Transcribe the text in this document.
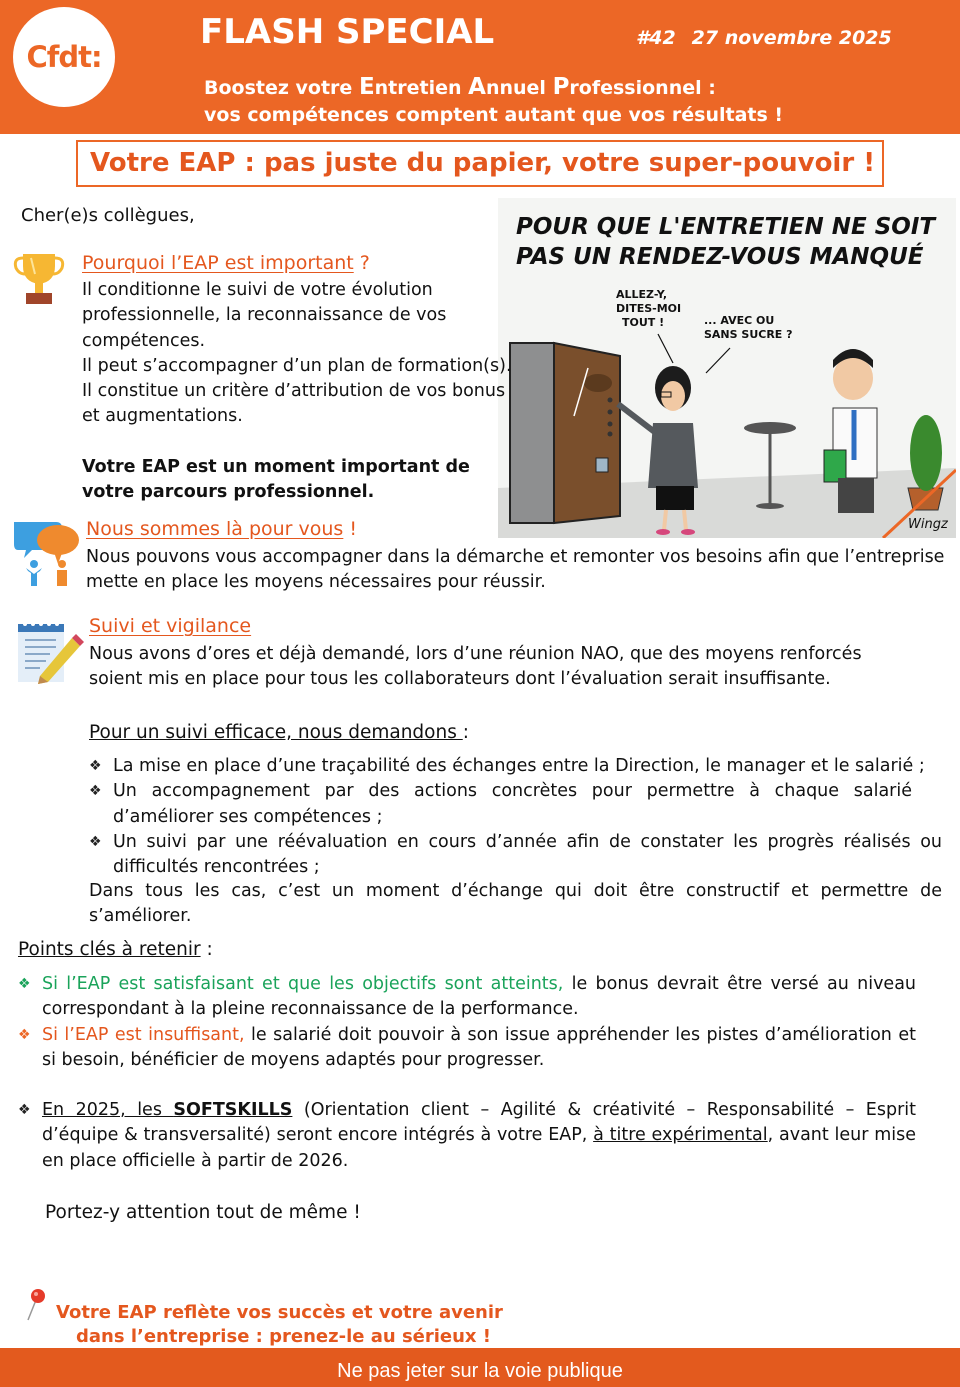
Cfdt:
FLASH SPECIAL	#42 27 novembre 2025
Boostez votre Entretien Annuel Professionnel :
vos compétences comptent autant que vos résultats !
Votre EAP : pas juste du papier, votre super-pouvoir !
Cher(e)s collègues,	POUR QUE L'ENTRETIEN NE SOIT
PAS UN RENDEZ-VOUS MANQUÉ
ALLEZ-Y,
DITES-MOI
TOUT !	... AVEC OU
SANS SUCRE ?
Wingz
Pourquoi l’EAP est important ?
Il conditionne le suivi de votre évolution
professionnelle, la reconnaissance de vos
compétences.
Il peut s’accompagner d’un plan de formation(s).
Il constitue un critère d’attribution de vos bonus
et augmentations.
Votre EAP est un moment important de
votre parcours professionnel.
Nous sommes là pour vous !
Nous pouvons vous accompagner dans la démarche et remonter vos besoins afin que l’entreprise mette en place les moyens nécessaires pour réussir.
Suivi et vigilance
Nous avons d’ores et déjà demandé, lors d’une réunion NAO, que des moyens renforcés soient mis en place pour tous les collaborateurs dont l’évaluation serait insuffisante.
Pour un suivi efficace, nous demandons :
❖ La mise en place d’une traçabilité des échanges entre la Direction, le manager et le salarié ;
❖ Un accompagnement par des actions concrètes pour permettre à chaque salarié d’améliorer ses compétences ;
❖ Un suivi par une réévaluation en cours d’année afin de constater les progrès réalisés ou difficultés rencontrées ;
Dans tous les cas, c’est un moment d’échange qui doit être constructif et permettre de s’améliorer.
Points clés à retenir :
❖ Si l’EAP est satisfaisant et que les objectifs sont atteints, le bonus devrait être versé au niveau correspondant à la pleine reconnaissance de la performance.
❖ Si l’EAP est insuffisant, le salarié doit pouvoir à son issue appréhender les pistes d’amélioration et si besoin, bénéficier de moyens adaptés pour progresser.
❖ En 2025, les SOFTSKILLS (Orientation client – Agilité & créativité – Responsabilité – Esprit d’équipe & transversalité) seront encore intégrés à votre EAP, à titre expérimental, avant leur mise en place officielle à partir de 2026.
Portez-y attention tout de même !
Votre EAP reflète vos succès et votre avenir
dans l’entreprise : prenez-le au sérieux !
Ne pas jeter sur la voie publique
